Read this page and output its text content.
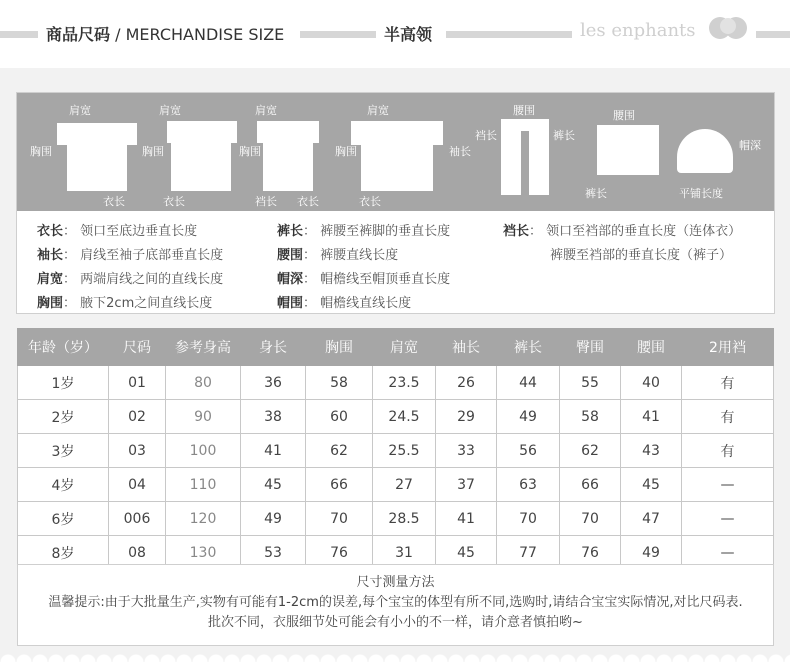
商品尺码 / MERCHANDISE SIZE	半高领	les enphants
肩宽
胸围
衣长
肩宽
胸围
衣长
肩宽
胸围
裆长 衣长
肩宽
胸围	袖长
衣长
腰围
裆长	裤长
腰围
裤长
帽深
平铺长度
衣长： 领口至底边垂直长度
袖长： 肩线至袖子底部垂直长度
肩宽： 两端肩线之间的直线长度
胸围： 腋下2cm之间直线长度
裤长： 裤腰至裤脚的垂直长度
腰围： 裤腰直线长度
帽深： 帽檐线至帽顶垂直长度
帽围： 帽檐线直线长度
裆长： 领口至裆部的垂直长度（连体衣）
裤腰至裆部的垂直长度（裤子）
年龄（岁）	尺码	参考身高	身长	胸围	肩宽	袖长	裤长	臀围	腰围	2用裆
1岁	01	80	36	58	23.5	26	44	55	40	有
2岁	02	90	38	60	24.5	29	49	58	41	有
3岁	03	100	41	62	25.5	33	56	62	43	有
4岁	04	110	45	66	27	37	63	66	45	—
6岁	006	120	49	70	28.5	41	70	70	47	—
8岁	08	130	53	76	31	45	77	76	49	—
尺寸测量方法
温馨提示:由于大批量生产,实物有可能有1-2cm的误差,每个宝宝的体型有所不同,选购时,请结合宝宝实际情况,对比尺码表.
批次不同，衣服细节处可能会有小小的不一样，请介意者慎拍哟~
